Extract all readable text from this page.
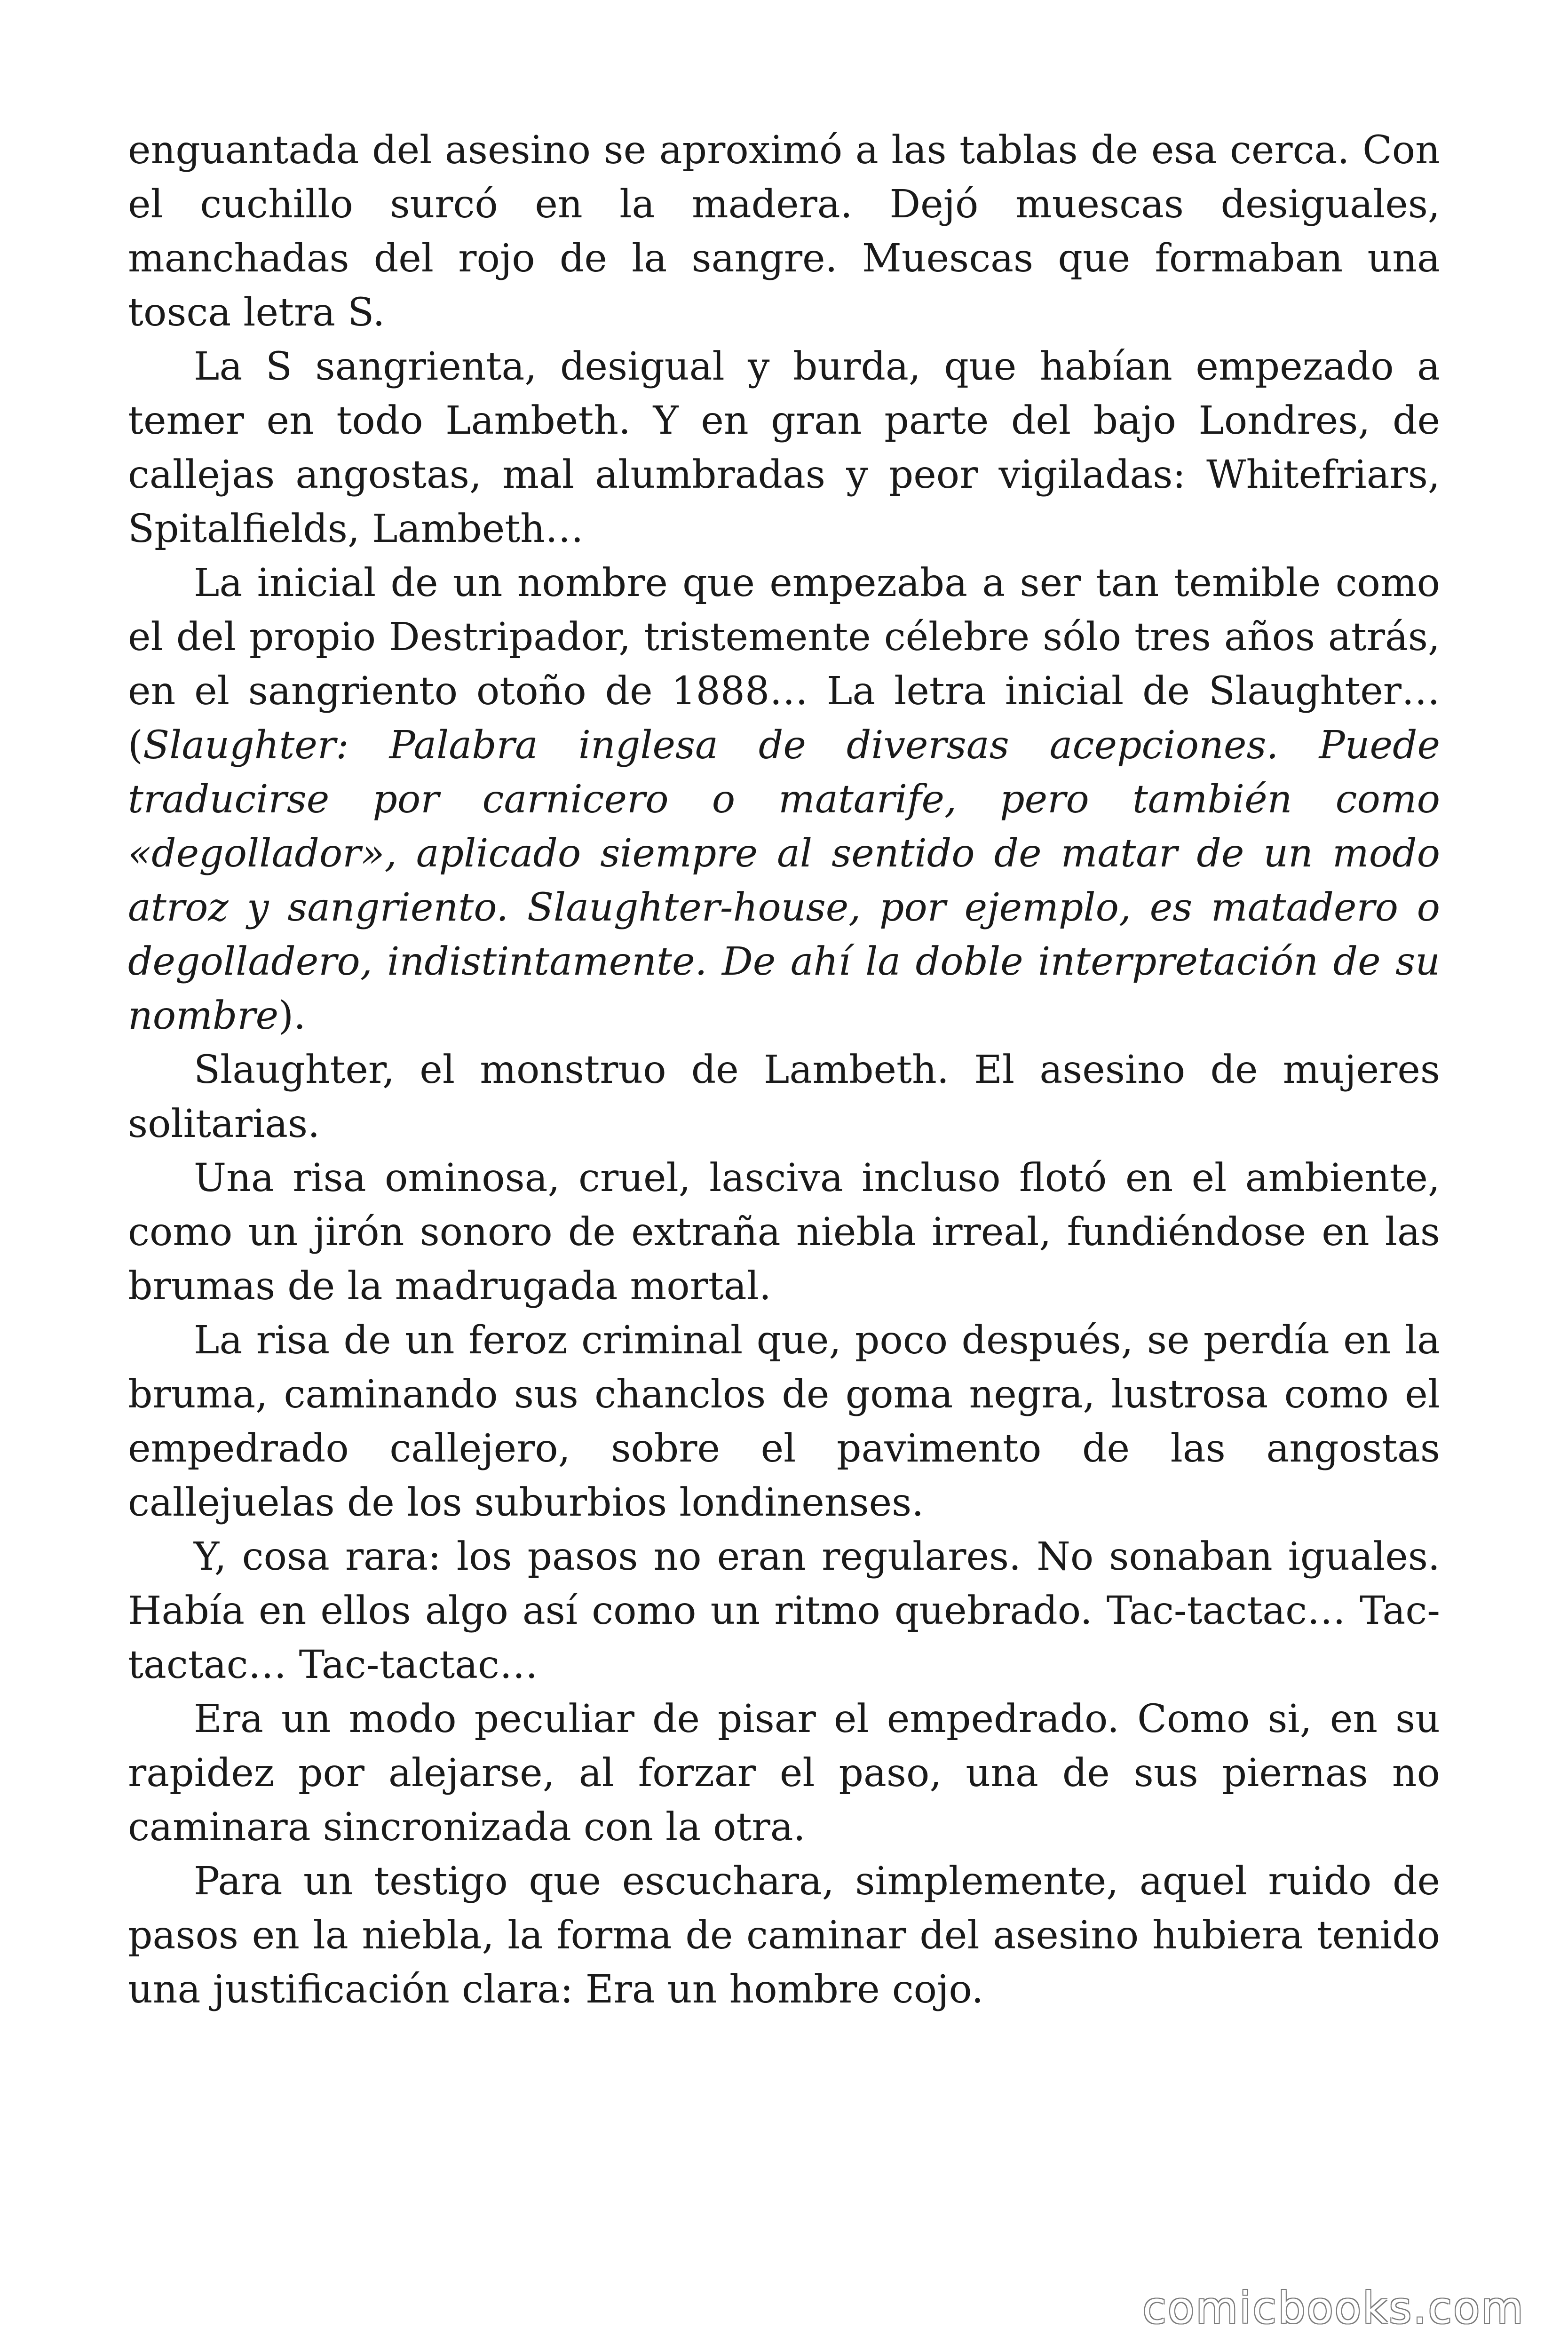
enguantada del asesino se aproximó a las tablas de esa cerca. Con el cuchillo surcó en la madera. Dejó muescas desiguales, manchadas del rojo de la sangre. Muescas que formaban una tosca letra S.

La S sangrienta, desigual y burda, que habían empezado a temer en todo Lambeth. Y en gran parte del bajo Londres, de callejas angostas, mal alumbradas y peor vigiladas: Whitefriars, Spitalfields, Lambeth…

La inicial de un nombre que empezaba a ser tan temible como el del propio Destripador, tristemente célebre sólo tres años atrás, en el sangriento otoño de 1888… La letra inicial de Slaughter… (Slaughter: Palabra inglesa de diversas acepciones. Puede traducirse por carnicero o matarife, pero también como «degollador», aplicado siempre al sentido de matar de un modo atroz y sangriento. Slaughter-house, por ejemplo, es matadero o degolladero, indistintamente. De ahí la doble interpretación de su nombre).

Slaughter, el monstruo de Lambeth. El asesino de mujeres solitarias.

Una risa ominosa, cruel, lasciva incluso flotó en el ambiente, como un jirón sonoro de extraña niebla irreal, fundiéndose en las brumas de la madrugada mortal.

La risa de un feroz criminal que, poco después, se perdía en la bruma, caminando sus chanclos de goma negra, lustrosa como el empedrado callejero, sobre el pavimento de las angostas callejuelas de los suburbios londinenses.

Y, cosa rara: los pasos no eran regulares. No sonaban iguales. Había en ellos algo así como un ritmo quebrado. Tac-tactac… Tac-tactac… Tac-tactac…

Era un modo peculiar de pisar el empedrado. Como si, en su rapidez por alejarse, al forzar el paso, una de sus piernas no caminara sincronizada con la otra.

Para un testigo que escuchara, simplemente, aquel ruido de pasos en la niebla, la forma de caminar del asesino hubiera tenido una justificación clara: Era un hombre cojo.

comicbooks.com
